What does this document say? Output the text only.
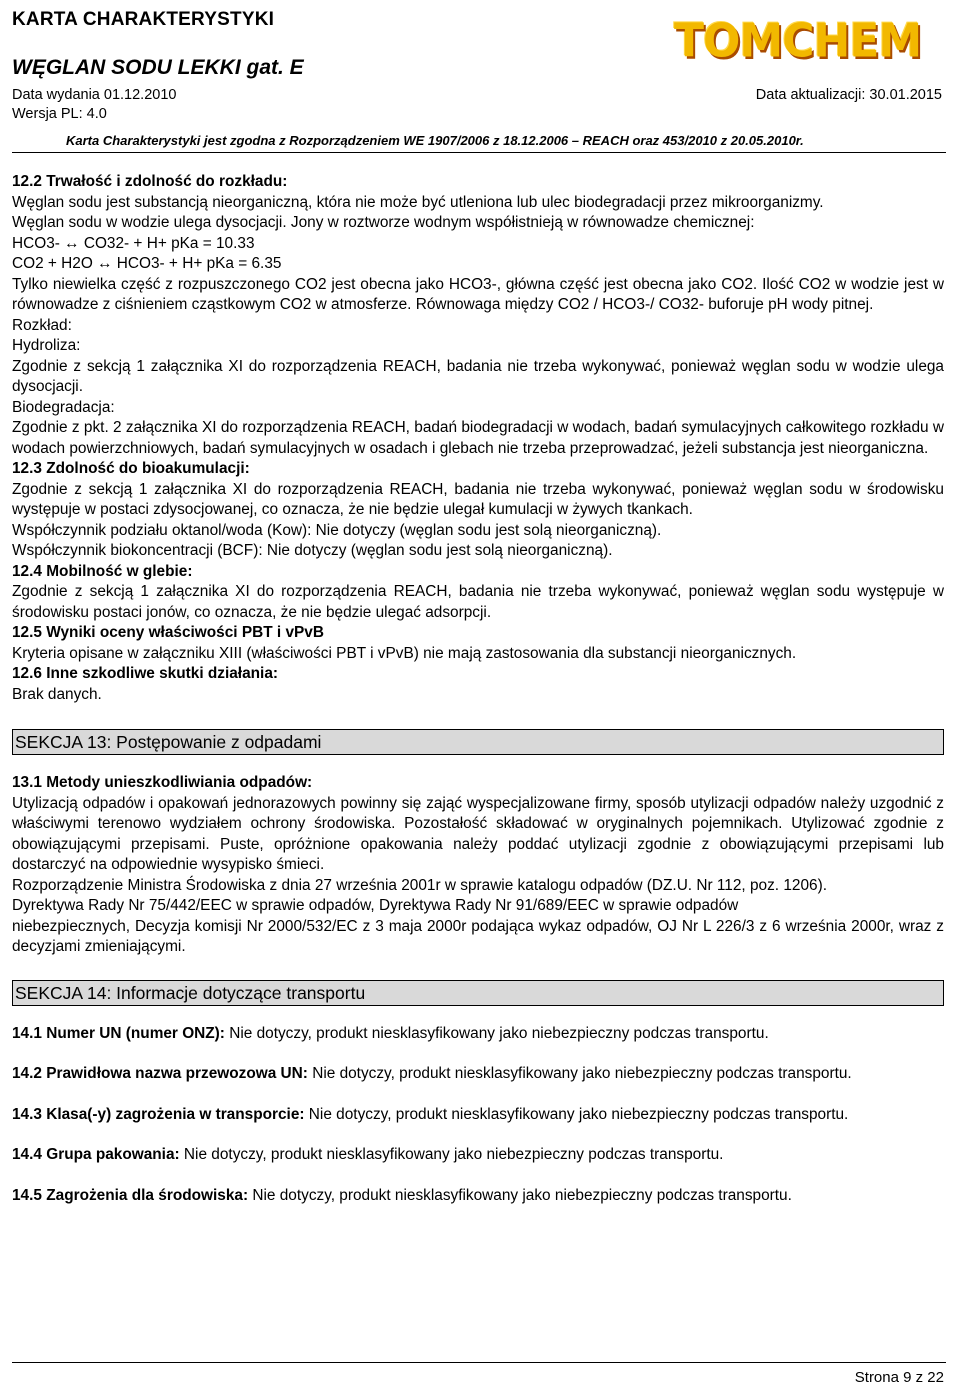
KARTA CHARAKTERYSTYKI
WĘGLAN SODU LEKKI gat. E
Data wydania 01.12.2010
Wersja PL: 4.0
Data aktualizacji: 30.01.2015
TOMCHEM
Karta Charakterystyki jest zgodna z Rozporządzeniem WE 1907/2006 z 18.12.2006 – REACH oraz 453/2010 z 20.05.2010r.
12.2 Trwałość i zdolność do rozkładu:
Węglan sodu jest substancją nieorganiczną, która nie może być utleniona lub ulec biodegradacji przez mikroorganizmy.
Węglan sodu w wodzie ulega dysocjacji. Jony w roztworze wodnym współistnieją w równowadze chemicznej:
HCO3- ↔ CO32- + H+ pKa = 10.33
CO2 + H2O ↔ HCO3- + H+ pKa = 6.35
Tylko niewielka część z rozpuszczonego CO2 jest obecna jako HCO3-, główna część jest obecna jako CO2. Ilość CO2 w wodzie jest w równowadze z ciśnieniem cząstkowym CO2 w atmosferze. Równowaga między CO2 / HCO3-/ CO32- buforuje pH wody pitnej.
Rozkład:
Hydroliza:
Zgodnie z sekcją 1 załącznika XI do rozporządzenia REACH, badania nie trzeba wykonywać, ponieważ węglan sodu w wodzie ulega dysocjacji.
Biodegradacja:
Zgodnie z pkt. 2 załącznika XI do rozporządzenia REACH, badań biodegradacji w wodach, badań symulacyjnych całkowitego rozkładu w wodach powierzchniowych, badań symulacyjnych w osadach i glebach nie trzeba przeprowadzać, jeżeli substancja jest nieorganiczna.
12.3 Zdolność do bioakumulacji:
Zgodnie z sekcją 1 załącznika XI do rozporządzenia REACH, badania nie trzeba wykonywać, ponieważ węglan sodu w środowisku występuje w postaci zdysocjowanej, co oznacza, że nie będzie ulegał kumulacji w żywych tkankach.
Współczynnik podziału oktanol/woda (Kow): Nie dotyczy (węglan sodu jest solą nieorganiczną).
Współczynnik biokoncentracji (BCF): Nie dotyczy (węglan sodu jest solą nieorganiczną).
12.4 Mobilność w glebie:
Zgodnie z sekcją 1 załącznika XI do rozporządzenia REACH, badania nie trzeba wykonywać, ponieważ węglan sodu występuje w środowisku postaci jonów, co oznacza, że nie będzie ulegać adsorpcji.
12.5 Wyniki oceny właściwości PBT i vPvB
Kryteria opisane w załączniku XIII (właściwości PBT i vPvB) nie mają zastosowania dla substancji nieorganicznych.
12.6 Inne szkodliwe skutki działania:
Brak danych.
SEKCJA 13: Postępowanie z odpadami
13.1 Metody unieszkodliwiania odpadów:
Utylizacją odpadów i opakowań jednorazowych powinny się zająć wyspecjalizowane firmy, sposób utylizacji odpadów należy uzgodnić z właściwymi terenowo wydziałem ochrony środowiska. Pozostałość składować w oryginalnych pojemnikach. Utylizować zgodnie z obowiązującymi przepisami. Puste, opróżnione opakowania należy poddać utylizacji zgodnie z obowiązującymi przepisami lub dostarczyć na odpowiednie wysypisko śmieci.
Rozporządzenie Ministra Środowiska z dnia 27 września 2001r w sprawie katalogu odpadów (DZ.U. Nr 112, poz. 1206).
Dyrektywa Rady Nr 75/442/EEC w sprawie odpadów, Dyrektywa Rady Nr 91/689/EEC w sprawie odpadów
niebezpiecznych, Decyzja komisji Nr 2000/532/EC z 3 maja 2000r podająca wykaz odpadów, OJ Nr L 226/3 z 6 września 2000r, wraz z decyzjami zmieniającymi.
SEKCJA 14: Informacje dotyczące transportu
14.1 Numer UN (numer ONZ): Nie dotyczy, produkt niesklasyfikowany jako niebezpieczny podczas transportu.
14.2 Prawidłowa nazwa przewozowa UN: Nie dotyczy, produkt niesklasyfikowany jako niebezpieczny podczas transportu.
14.3 Klasa(-y) zagrożenia w transporcie: Nie dotyczy, produkt niesklasyfikowany jako niebezpieczny podczas transportu.
14.4 Grupa pakowania: Nie dotyczy, produkt niesklasyfikowany jako niebezpieczny podczas transportu.
14.5 Zagrożenia dla środowiska: Nie dotyczy, produkt niesklasyfikowany jako niebezpieczny podczas transportu.
Strona 9 z 22
